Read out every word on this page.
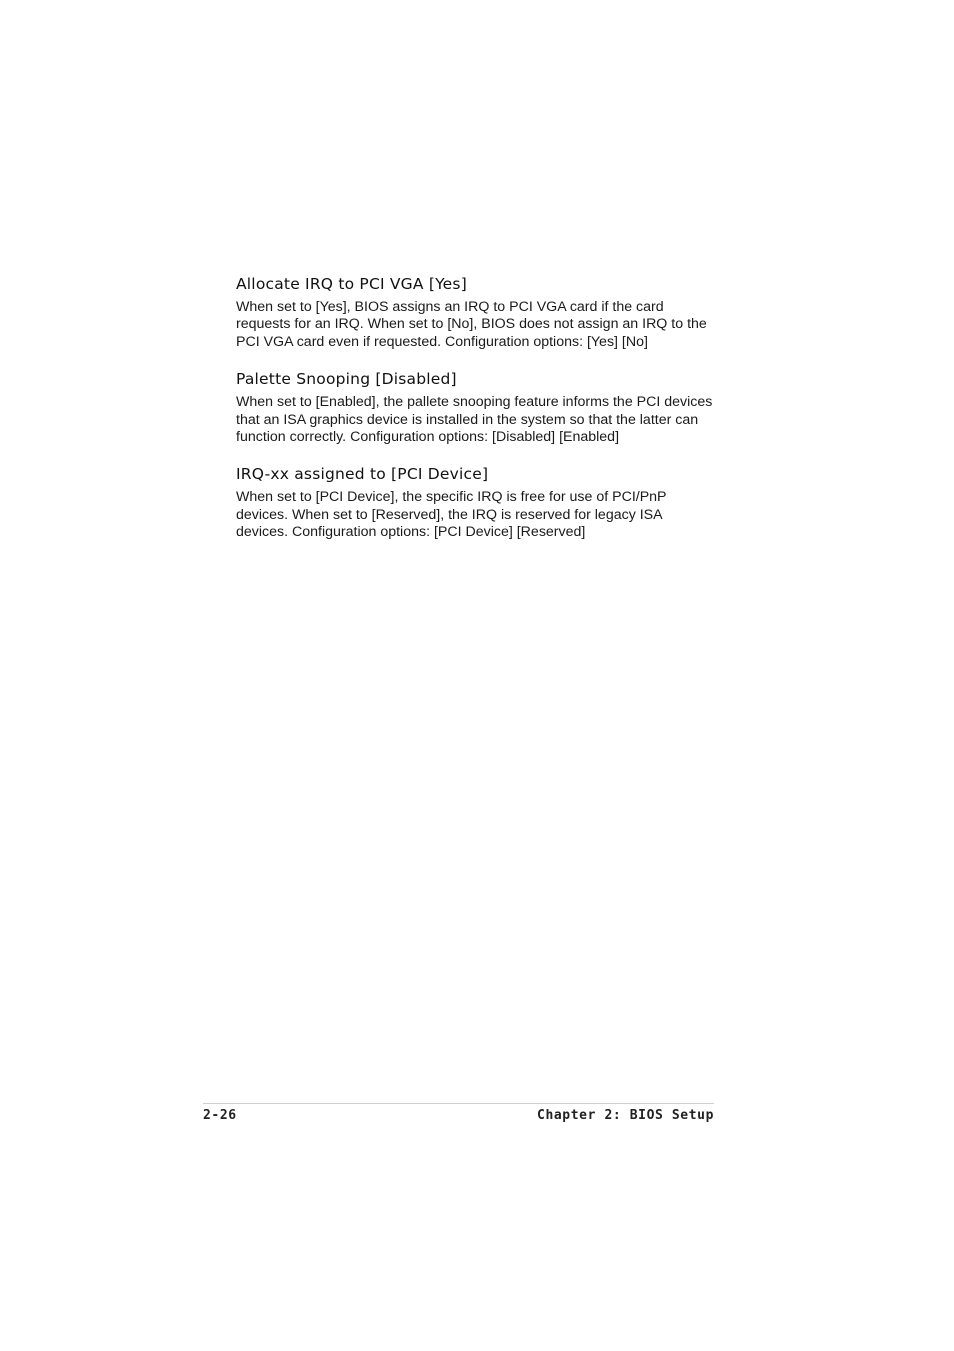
Allocate IRQ to PCI VGA [Yes]

When set to [Yes], BIOS assigns an IRQ to PCI VGA card if the card requests for an IRQ. When set to [No], BIOS does not assign an IRQ to the PCI VGA card even if requested. Configuration options: [Yes] [No]

Palette Snooping [Disabled]

When set to [Enabled], the pallete snooping feature informs the PCI devices that an ISA graphics device is installed in the system so that the latter can function correctly. Configuration options: [Disabled] [Enabled]

IRQ-xx assigned to [PCI Device]

When set to [PCI Device], the specific IRQ is free for use of PCI/PnP devices. When set to [Reserved], the IRQ is reserved for legacy ISA devices. Configuration options: [PCI Device] [Reserved]

2-26	Chapter 2: BIOS Setup
